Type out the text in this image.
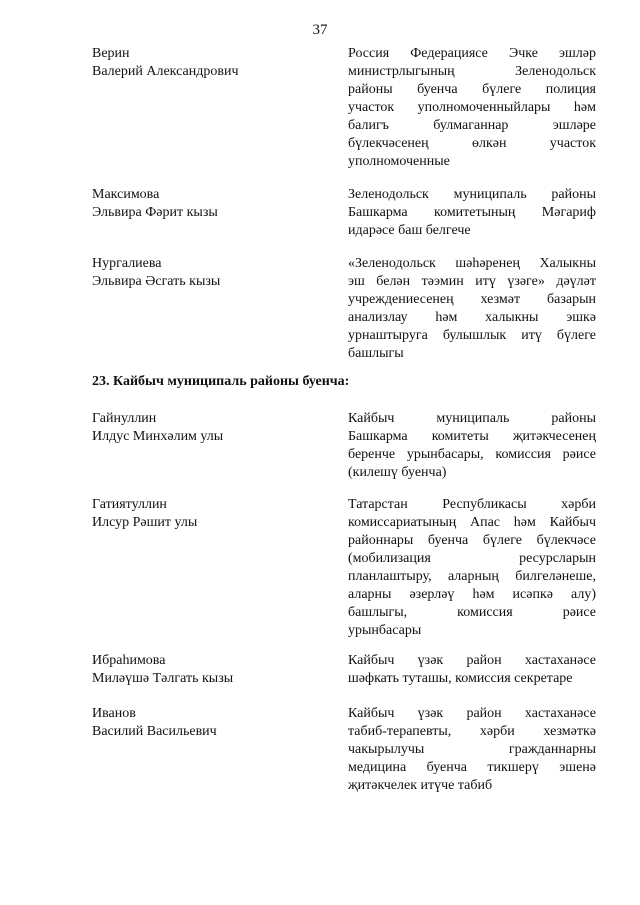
37
Верин
Валерий Александрович
Россия Федерациясе Эчке эшләр
министрлыгының Зеленодольск
районы буенча бүлеге полиция
участок уполномоченныйлары һәм
балигъ булмаганнар эшләре
бүлекчәсенең өлкән участок
уполномоченные
Максимова
Эльвира Фәрит кызы
Зеленодольск муниципаль районы
Башкарма комитетының Мәгариф
идарәсе баш белгече
Нургалиева
Эльвира Әсгать кызы
«Зеленодольск шәһәренең Халыкны
эш белән тәэмин итү үзәге» дәүләт
учреждениесенең хезмәт базарын
анализлау һәм халыкны эшкә
урнаштыруга булышлык итү бүлеге
башлыгы
23. Кайбыч муниципаль районы буенча:
Гайнуллин
Илдус Минхәлим улы
Кайбыч муниципаль районы
Башкарма комитеты җитәкчесенең
беренче урынбасары, комиссия рәисе
(килешү буенча)
Гатиятуллин
Илсур Рәшит улы
Татарстан Республикасы хәрби
комиссариатының Апас һәм Кайбыч
районнары буенча бүлеге бүлекчәсе
(мобилизация ресурсларын
планлаштыру, аларның билгеләнеше,
аларны әзерләү һәм исәпкә алу)
башлыгы, комиссия рәисе
урынбасары
Ибраһимова
Миләүшә Тәлгать кызы
Кайбыч үзәк район хастаханәсе
шәфкать туташы, комиссия секретаре
Иванов
Василий Васильевич
Кайбыч үзәк район хастаханәсе
табиб-терапевты, хәрби хезмәткә
чакырылучы гражданнарны
медицина буенча тикшерү эшенә
җитәкчелек итүче табиб
